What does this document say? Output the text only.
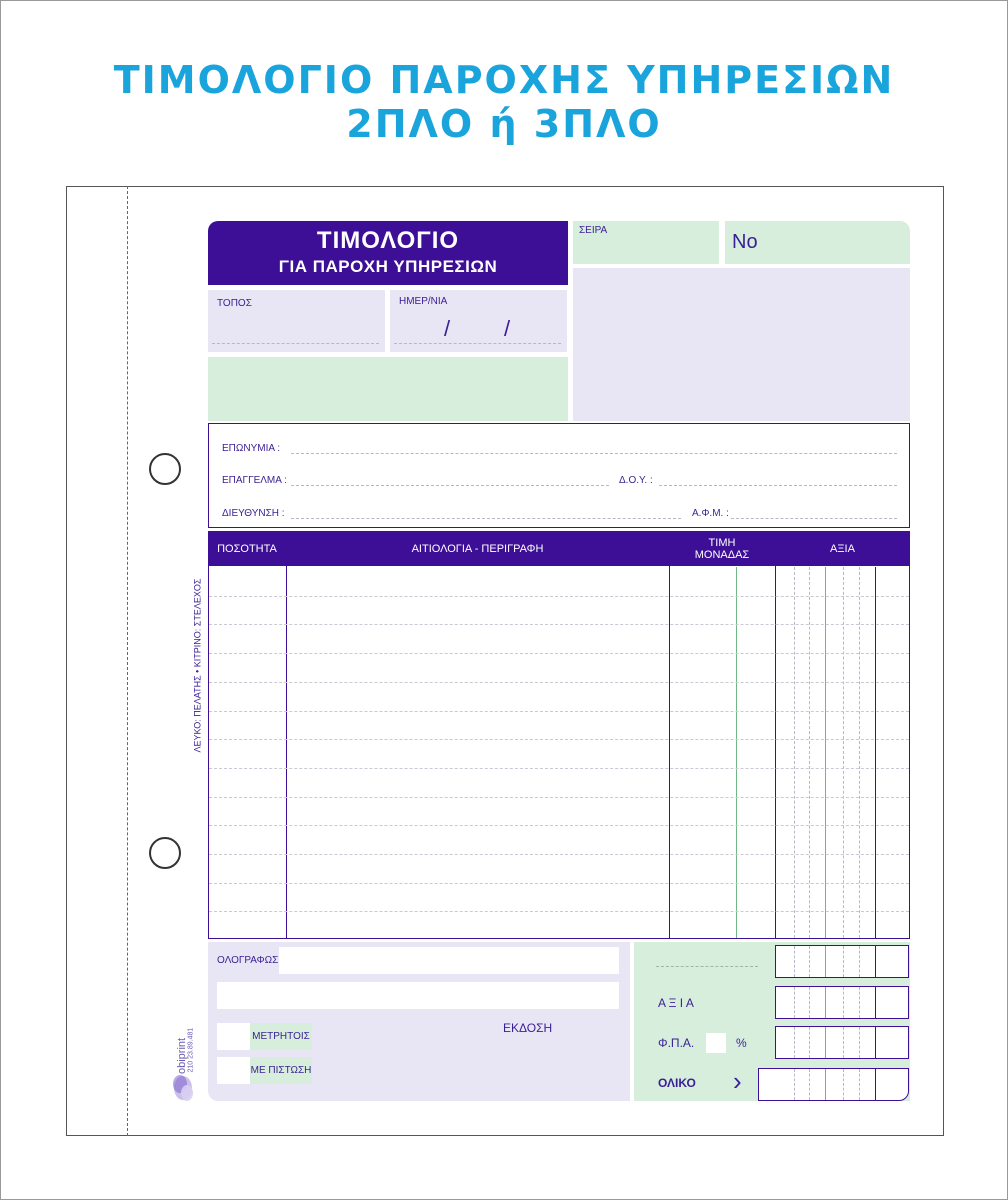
ΤΙΜΟΛΟΓΙΟ ΠΑΡΟΧΗΣ ΥΠΗΡΕΣΙΩΝ
2ΠΛΟ ή 3ΠΛΟ
ΛΕΥΚΟ: ΠΕΛΑΤΗΣ • ΚΙΤΡΙΝΟ: ΣΤΕΛΕΧΟΣ
ΤΙΜΟΛΟΓΙΟ
ΓΙΑ ΠΑΡΟΧΗ ΥΠΗΡΕΣΙΩΝ
ΣΕΙΡΑ
No
ΤΟΠΟΣ	ΗΜΕΡ/ΝΙΑ
/ /
ΕΠΩΝΥΜΙΑ :
ΕΠΑΓΓΕΛΜΑ :	Δ.Ο.Υ. :
ΔΙΕΥΘΥΝΣΗ :	Α.Φ.Μ. :
ΠΟΣΟΤΗΤΑ	ΑΙΤΙΟΛΟΓΙΑ - ΠΕΡΙΓΡΑΦΗ	ΤΙΜΗ ΜΟΝΑΔΑΣ	ΑΞΙΑ
ΟΛΟΓΡΑΦΩΣ
ΜΕΤΡΗΤΟΙΣ
ΜΕ ΠΙΣΤΩΣΗ
ΕΚΔΟΣΗ
obiprint 210 23.89.481
Α Ξ Ι Α
Φ.Π.Α.	%
ΟΛΙΚΟ ›
